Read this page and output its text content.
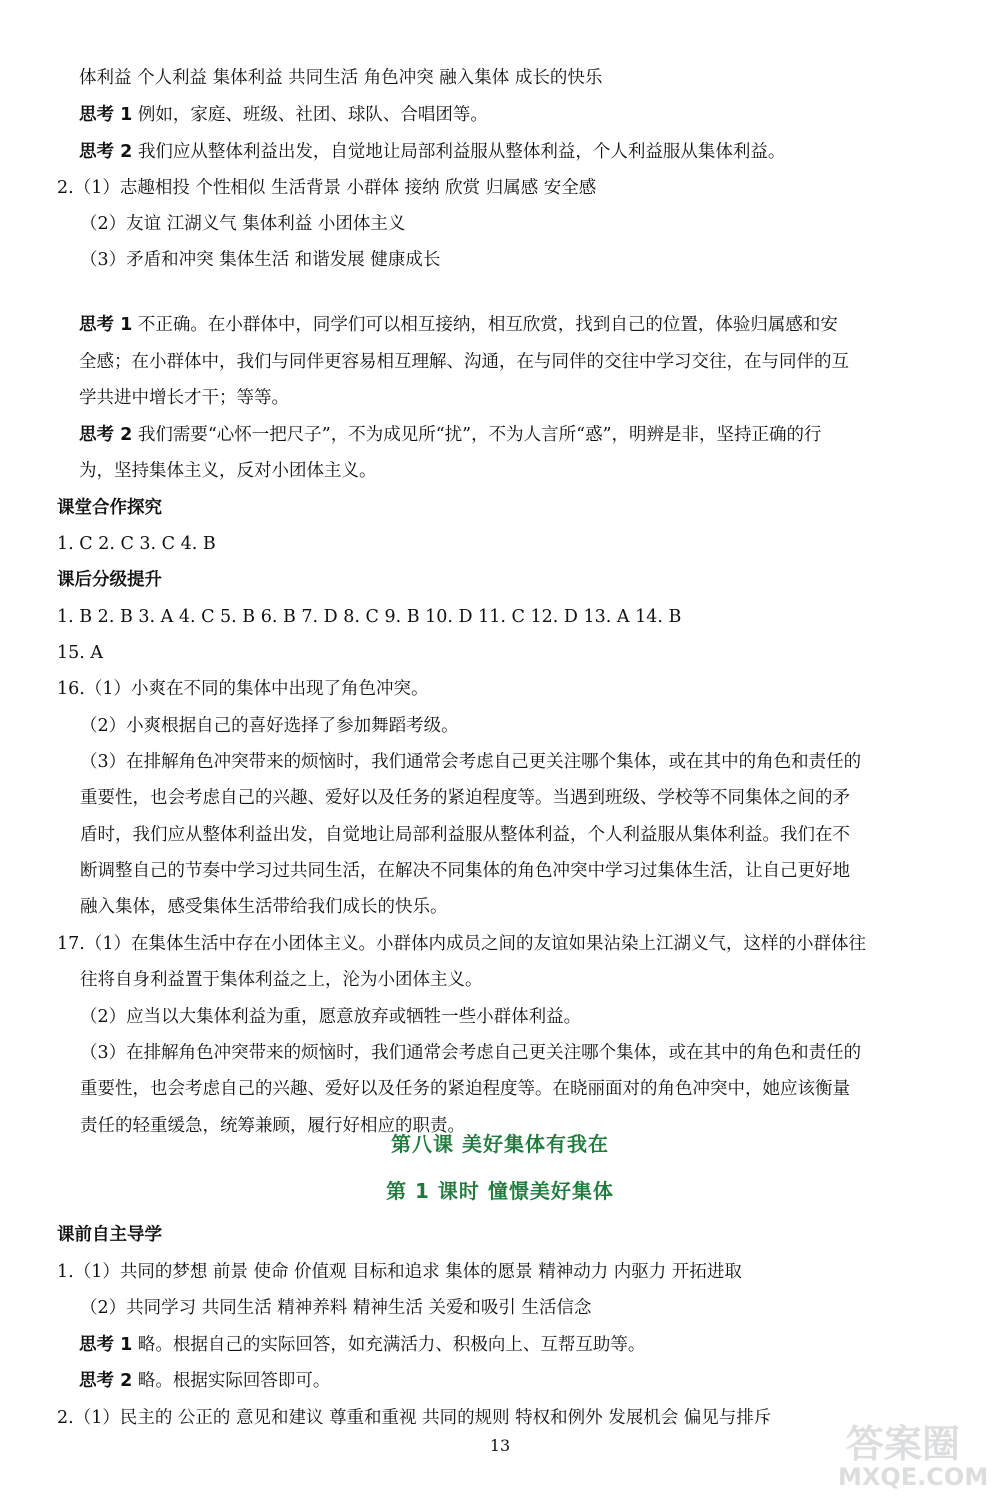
体利益 个人利益 集体利益 共同生活 角色冲突 融入集体 成长的快乐
思考 1 例如，家庭、班级、社团、球队、合唱团等。
思考 2 我们应从整体利益出发，自觉地让局部利益服从整体利益，个人利益服从集体利益。
2.（1）志趣相投 个性相似 生活背景 小群体 接纳 欣赏 归属感 安全感
（2）友谊 江湖义气 集体利益 小团体主义
（3）矛盾和冲突 集体生活 和谐发展 健康成长
思考 1 不正确。在小群体中，同学们可以相互接纳，相互欣赏，找到自己的位置，体验归属感和安
全感；在小群体中，我们与同伴更容易相互理解、沟通，在与同伴的交往中学习交往，在与同伴的互
学共进中增长才干；等等。
思考 2 我们需要“心怀一把尺子”，不为成见所“扰”，不为人言所“惑”，明辨是非，坚持正确的行
为，坚持集体主义，反对小团体主义。
课堂合作探究
1. C 2. C 3. C 4. B
课后分级提升
1. B 2. B 3. A 4. C 5. B 6. B 7. D 8. C 9. B 10. D 11. C 12. D 13. A 14. B
15. A
16.（1）小爽在不同的集体中出现了角色冲突。
（2）小爽根据自己的喜好选择了参加舞蹈考级。
（3）在排解角色冲突带来的烦恼时，我们通常会考虑自己更关注哪个集体，或在其中的角色和责任的
重要性，也会考虑自己的兴趣、爱好以及任务的紧迫程度等。当遇到班级、学校等不同集体之间的矛
盾时，我们应从整体利益出发，自觉地让局部利益服从整体利益，个人利益服从集体利益。我们在不
断调整自己的节奏中学习过共同生活，在解决不同集体的角色冲突中学习过集体生活，让自己更好地
融入集体，感受集体生活带给我们成长的快乐。
17.（1）在集体生活中存在小团体主义。小群体内成员之间的友谊如果沾染上江湖义气，这样的小群体往
往将自身利益置于集体利益之上，沦为小团体主义。
（2）应当以大集体利益为重，愿意放弃或牺牲一些小群体利益。
（3）在排解角色冲突带来的烦恼时，我们通常会考虑自己更关注哪个集体，或在其中的角色和责任的
重要性，也会考虑自己的兴趣、爱好以及任务的紧迫程度等。在晓丽面对的角色冲突中，她应该衡量
责任的轻重缓急，统筹兼顾，履行好相应的职责。
课前自主导学
1.（1）共同的梦想 前景 使命 价值观 目标和追求 集体的愿景 精神动力 内驱力 开拓进取
（2）共同学习 共同生活 精神养料 精神生活 关爱和吸引 生活信念
思考 1 略。根据自己的实际回答，如充满活力、积极向上、互帮互助等。
思考 2 略。根据实际回答即可。
2.（1）民主的 公正的 意见和建议 尊重和重视 共同的规则 特权和例外 发展机会 偏见与排斥
第八课 美好集体有我在
第 1 课时 憧憬美好集体
13	答案圈
MXQE.COM
